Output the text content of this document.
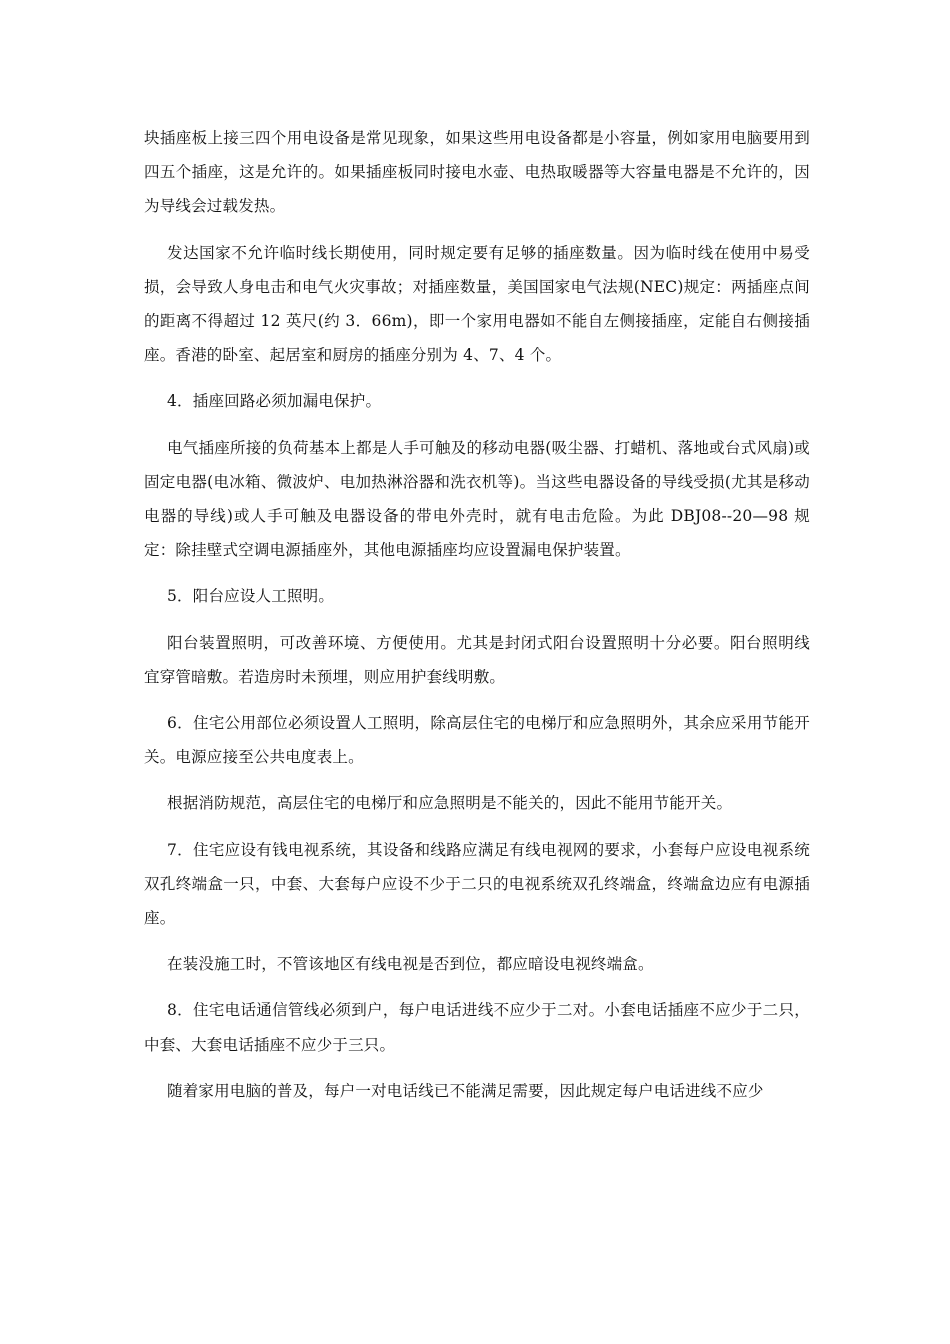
块插座板上接三四个用电设备是常见现象，如果这些用电设备都是小容量，例如家用电脑要用到四五个插座，这是允许的。如果插座板同时接电水壶、电热取暖器等大容量电器是不允许的，因为导线会过载发热。

发达国家不允许临时线长期使用，同时规定要有足够的插座数量。因为临时线在使用中易受损，会导致人身电击和电气火灾事故；对插座数量，美国国家电气法规(NEC)规定：两插座点间的距离不得超过 12 英尺(约 3．66m)，即一个家用电器如不能自左侧接插座，定能自右侧接插座。香港的卧室、起居室和厨房的插座分别为 4、7、4 个。

4．插座回路必须加漏电保护。

电气插座所接的负荷基本上都是人手可触及的移动电器(吸尘器、打蜡机、落地或台式风扇)或固定电器(电冰箱、微波炉、电加热淋浴器和洗衣机等)。当这些电器设备的导线受损(尤其是移动电器的导线)或人手可触及电器设备的带电外壳时，就有电击危险。为此 DBJ08--20—98 规定：除挂壁式空调电源插座外，其他电源插座均应设置漏电保护装置。

5．阳台应设人工照明。

阳台装置照明，可改善环境、方便使用。尤其是封闭式阳台设置照明十分必要。阳台照明线宜穿管暗敷。若造房时未预埋，则应用护套线明敷。

6．住宅公用部位必须设置人工照明，除高层住宅的电梯厅和应急照明外，其余应采用节能开关。电源应接至公共电度表上。

根据消防规范，高层住宅的电梯厅和应急照明是不能关的，因此不能用节能开关。

7．住宅应设有钱电视系统，其设备和线路应满足有线电视网的要求，小套每户应设电视系统双孔终端盒一只，中套、大套每户应设不少于二只的电视系统双孔终端盒，终端盒边应有电源插座。

在装没施工时，不管该地区有线电视是否到位，都应暗设电视终端盒。

8．住宅电话通信管线必须到户，每户电话进线不应少于二对。小套电话插座不应少于二只，中套、大套电话插座不应少于三只。

随着家用电脑的普及，每户一对电话线已不能满足需要，因此规定每户电话进线不应少
